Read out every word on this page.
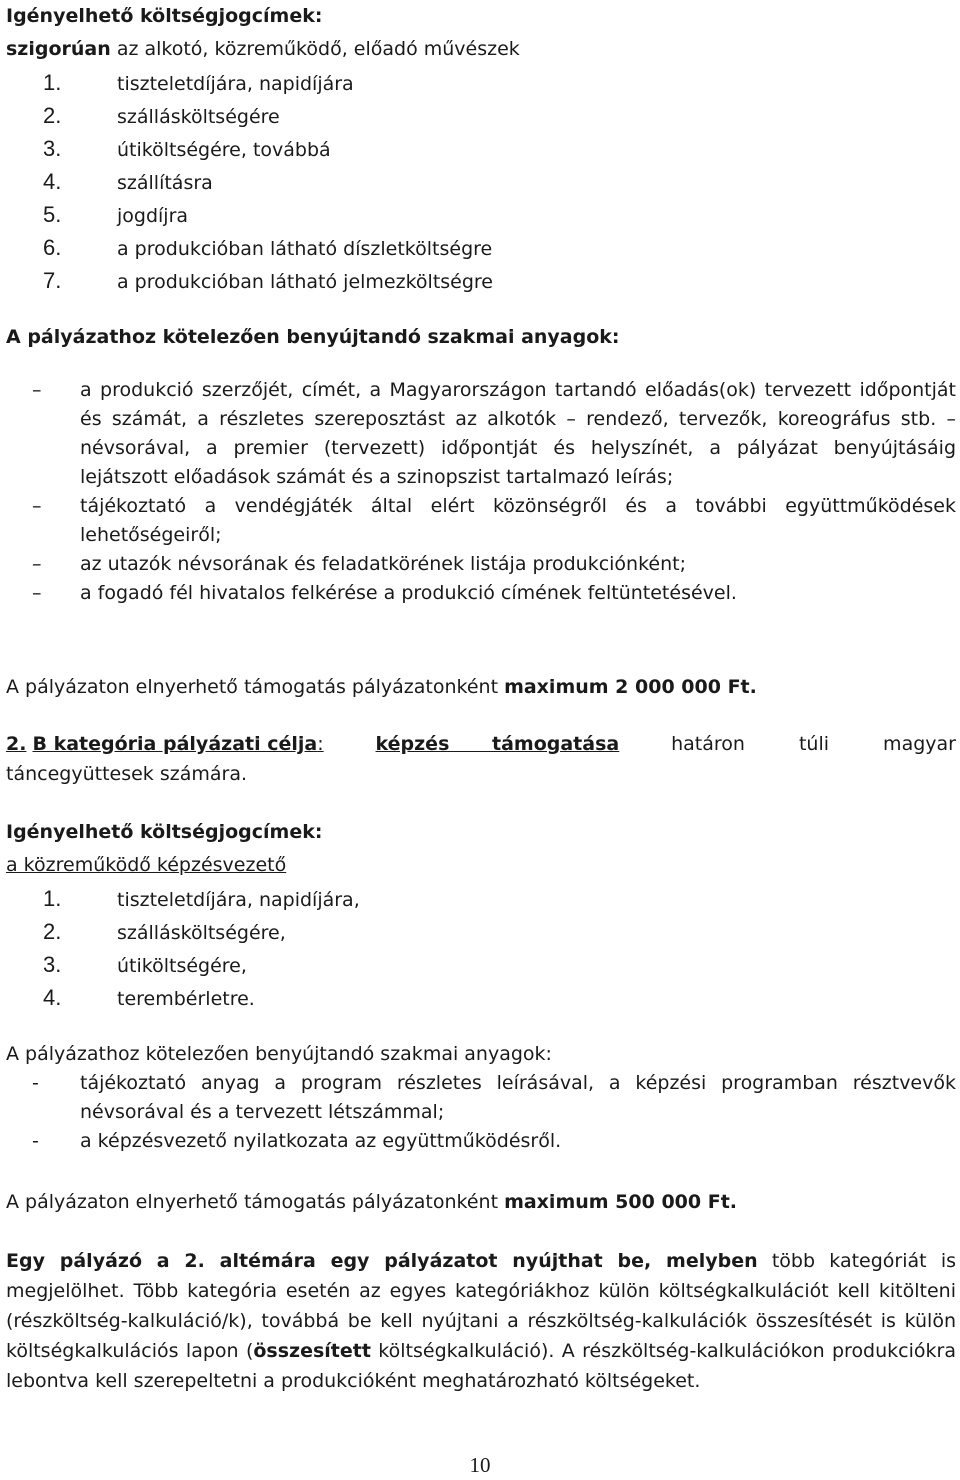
Igényelhető költségjogcímek:
szigorúan az alkotó, közreműködő, előadó művészek
1.	tiszteletdíjára, napidíjára
2.	szállásköltségére
3.	útiköltségére, továbbá
4.	szállításra
5.	jogdíjra
6.	a produkcióban látható díszletköltségre
7.	a produkcióban látható jelmezköltségre
A pályázathoz kötelezően benyújtandó szakmai anyagok:
– a produkció szerzőjét, címét, a Magyarországon tartandó előadás(ok) tervezett időpontját és számát, a részletes szereposztást az alkotók – rendező, tervezők, koreográfus stb. – névsorával, a premier (tervezett) időpontját és helyszínét, a pályázat benyújtásáig lejátszott előadások számát és a szinopszist tartalmazó leírás;
– tájékoztató a vendégjáték által elért közönségről és a további együttműködések lehetőségeiről;
– az utazók névsorának és feladatkörének listája produkciónként;
– a fogadó fél hivatalos felkérése a produkció címének feltüntetésével.
A pályázaton elnyerhető támogatás pályázatonként maximum 2 000 000 Ft.
2. B kategória pályázati célja:	képzés támogatása	határon túli magyar
táncegyüttesek számára.
Igényelhető költségjogcímek:
a közreműködő képzésvezető
1.	tiszteletdíjára, napidíjára,
2.	szállásköltségére,
3.	útiköltségére,
4.	terembérletre.
A pályázathoz kötelezően benyújtandó szakmai anyagok:
- tájékoztató anyag a program részletes leírásával, a képzési programban résztvevők névsorával és a tervezett létszámmal;
- a képzésvezető nyilatkozata az együttműködésről.
A pályázaton elnyerhető támogatás pályázatonként maximum 500 000 Ft.
Egy pályázó a 2. altémára egy pályázatot nyújthat be, melyben több kategóriát is megjelölhet. Több kategória esetén az egyes kategóriákhoz külön költségkalkulációt kell kitölteni (részköltség-kalkuláció/k), továbbá be kell nyújtani a részköltség-kalkulációk összesítését is külön költségkalkulációs lapon (összesített költségkalkuláció). A részköltség-kalkulációkon produkciókra lebontva kell szerepeltetni a produkcióként meghatározható költségeket.
10
